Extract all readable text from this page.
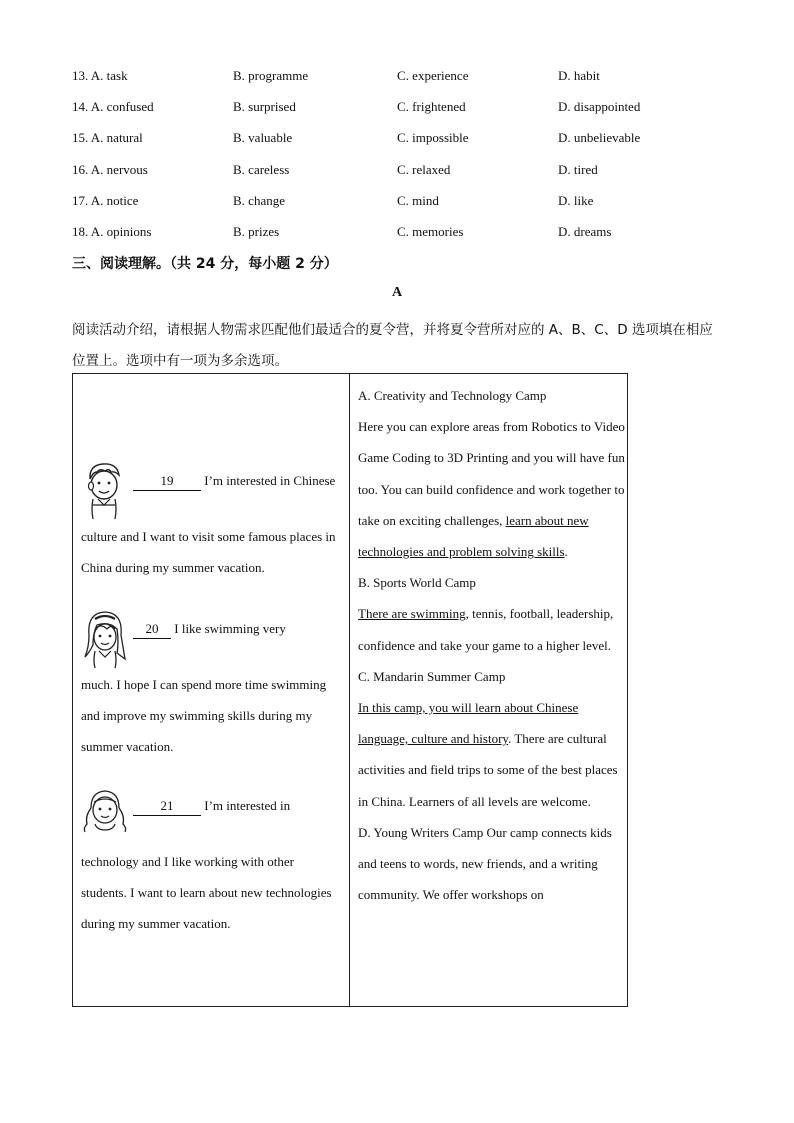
13. A. task	B. programme	C. experience	D. habit
14. A. confused	B. surprised	C. frightened	D. disappointed
15. A. natural	B. valuable	C. impossible	D. unbelievable
16. A. nervous	B. careless	C. relaxed	D. tired
17. A. notice	B. change	C. mind	D. like
18. A. opinions	B. prizes	C. memories	D. dreams
三、阅读理解。（共 24 分，每小题 2 分）
A
阅读活动介绍，请根据人物需求匹配他们最适合的夏令营，并将夏令营所对应的 A、B、C、D 选项填在相应位置上。选项中有一项为多余选项。
19 I’m interested in Chinese
culture and I want to visit some famous places in China during my summer vacation.
20 I like swimming very
much. I hope I can spend more time swimming and improve my swimming skills during my summer vacation.
21 I’m interested in
technology and I like working with other students. I want to learn about new technologies during my summer vacation.

A. Creativity and Technology Camp

Here you can explore areas from Robotics to Video Game Coding to 3D Printing and you will have fun too. You can build confidence and work together to take on exciting challenges, learn about new technologies and problem solving skills.

B. Sports World Camp

There are swimming, tennis, football, leadership, confidence and take your game to a higher level.

C. Mandarin Summer Camp

In this camp, you will learn about Chinese language, culture and history. There are cultural activities and field trips to some of the best places in China. Learners of all levels are welcome.

D. Young Writers Camp Our camp connects kids and teens to words, new friends, and a writing community. We offer workshops on
